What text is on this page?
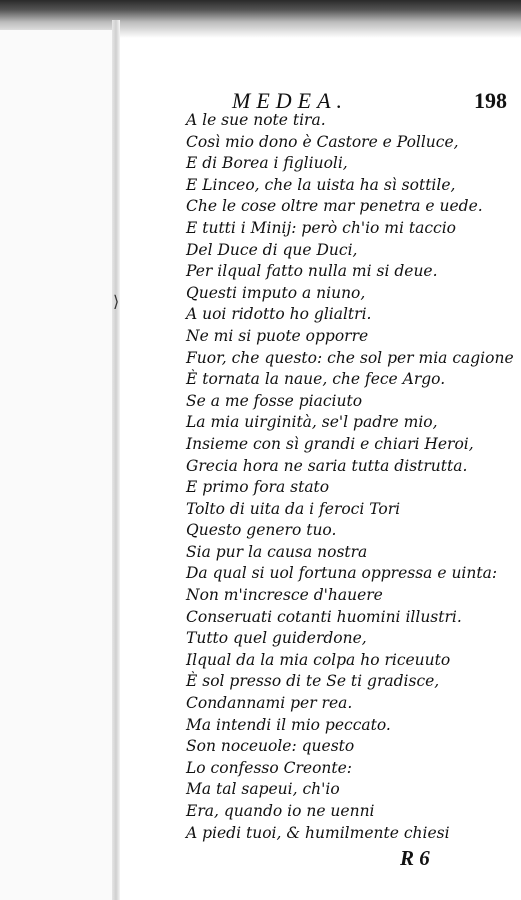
⟩
MEDEA.	198
A le sue note tira.
Così mio dono è Castore e Polluce,
E di Borea i figliuoli,
E Linceo, che la uista ha sì sottile,
Che le cose oltre mar penetra e uede.
E tutti i Minij: però ch'io mi taccio
Del Duce di que Duci,
Per ilqual fatto nulla mi si deue.
Questi imputo a niuno,
A uoi ridotto ho glialtri.
Ne mi si puote opporre
Fuor, che questo: che sol per mia cagione
È tornata la naue, che fece Argo.
Se a me fosse piaciuto
La mia uirginità, se'l padre mio,
Insieme con sì grandi e chiari Heroi,
Grecia hora ne saria tutta distrutta.
E primo fora stato
Tolto di uita da i feroci Tori
Questo genero tuo.
Sia pur la causa nostra
Da qual si uol fortuna oppressa e uinta:
Non m'incresce d'hauere
Conseruati cotanti huomini illustri.
Tutto quel guiderdone,
Ilqual da la mia colpa ho riceuuto
È sol presso di te Se ti gradisce,
Condannami per rea.
Ma intendi il mio peccato.
Son noceuole: questo
Lo confesso Creonte:
Ma tal sapeui, ch'io
Era, quando io ne uenni
A piedi tuoi, & humilmente chiesi
R 6
